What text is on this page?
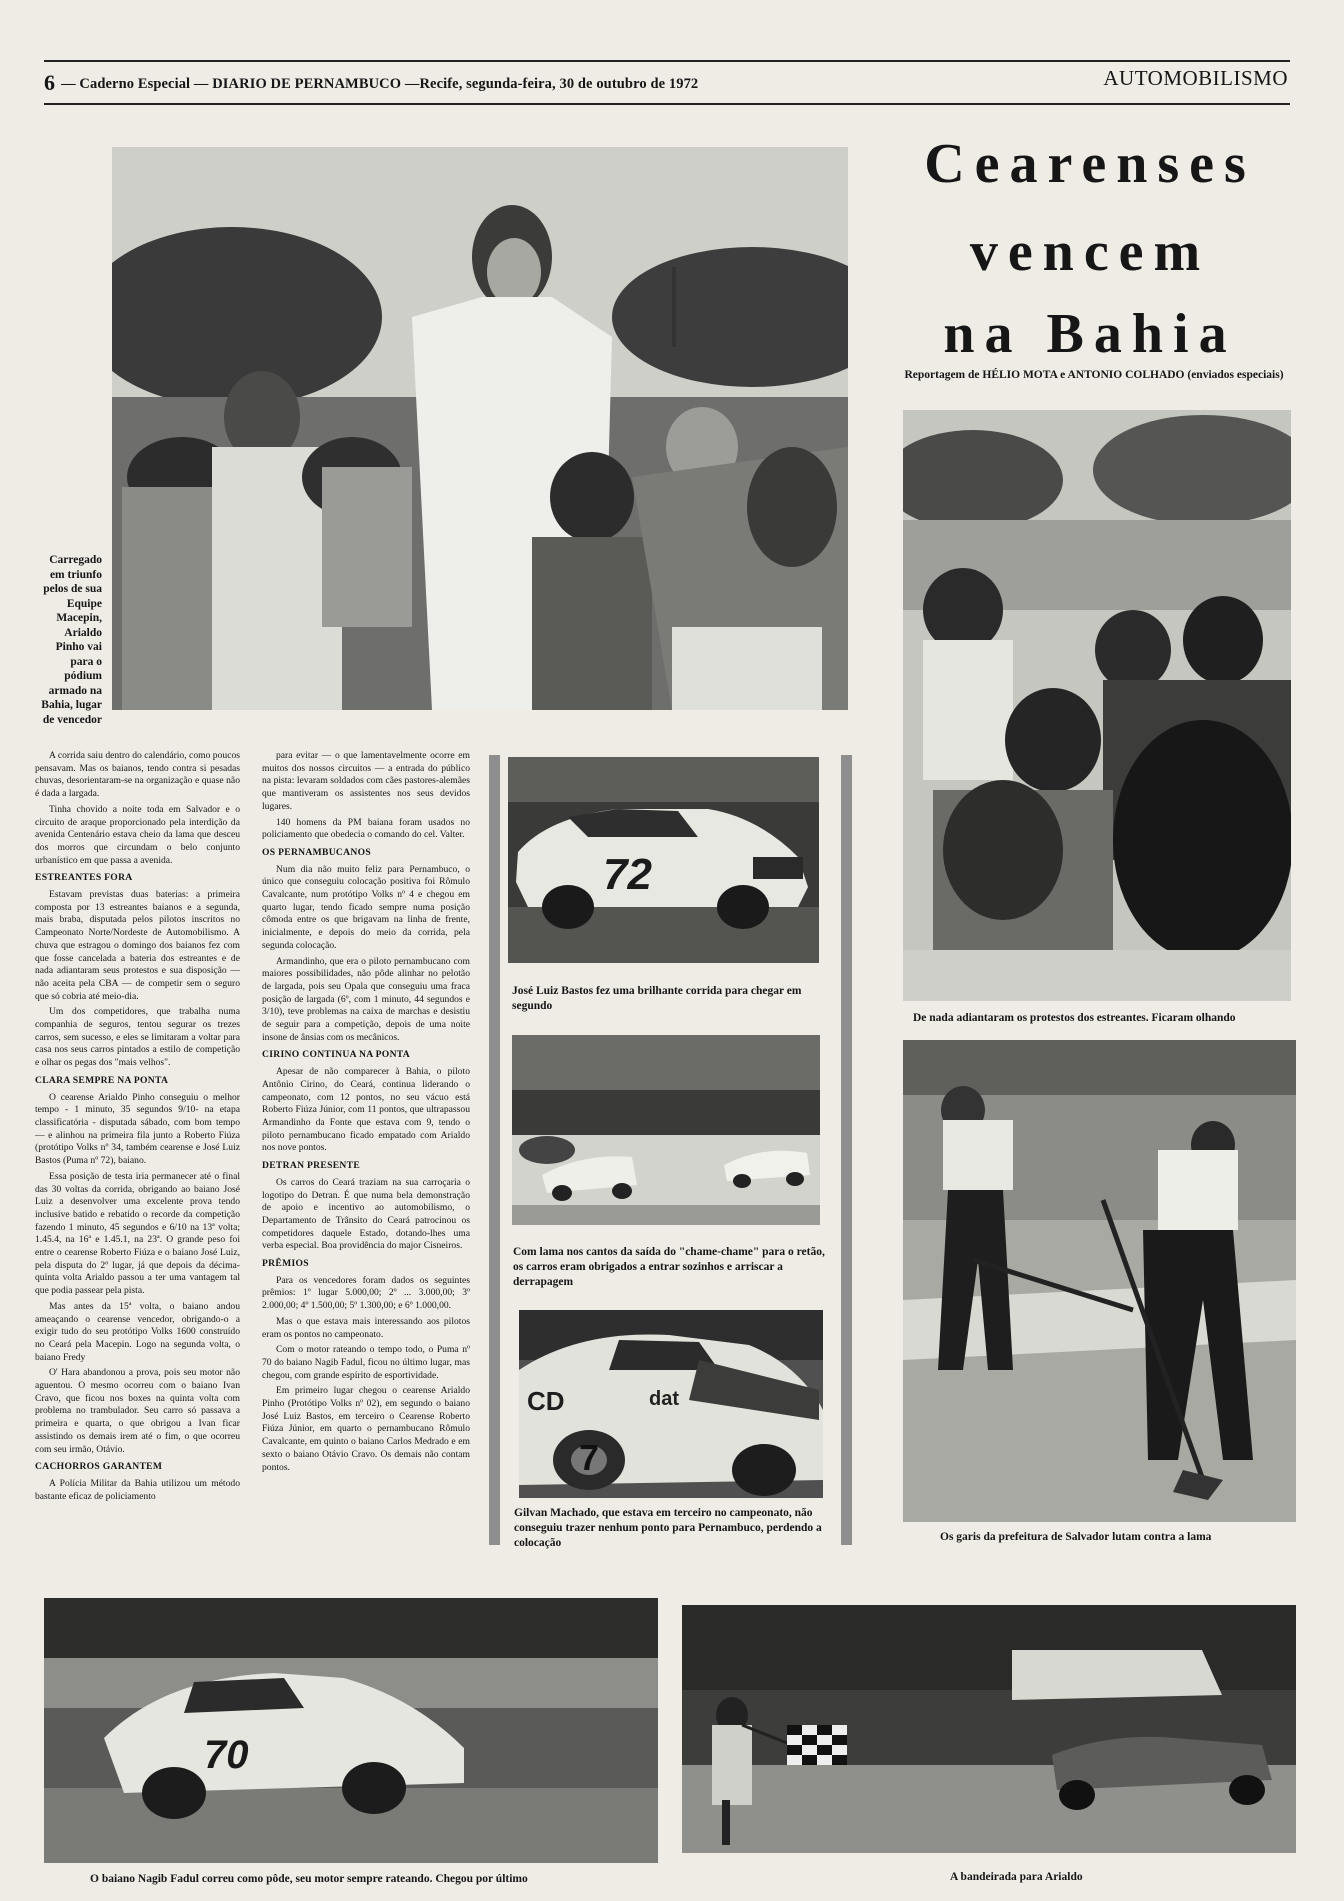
6 — Caderno Especial — DIARIO DE PERNAMBUCO —Recife, segunda-feira, 30 de outubro de 1972	AUTOMOBILISMO
Cearenses
vencem
na Bahia
Reportagem de HÉLIO MOTA e ANTONIO COLHADO (enviados especiais)
Carregado em triunfo pelos de sua Equipe Macepin, Arialdo Pinho vai para o pódium armado na Bahia, lugar de vencedor
De nada adiantaram os protestos dos estreantes. Ficaram olhando

A corrida saiu dentro do calendário, como poucos pensavam. Mas os baianos, tendo contra si pesadas chuvas, desorientaram-se na organização e quase não é dada a largada.

Tinha chovido a noite toda em Salvador e o circuito de araque proporcionado pela interdição da avenida Centenário estava cheio da lama que desceu dos morros que circundam o belo conjunto urbanístico em que passa a avenida.

ESTREANTES FORA

Estavam previstas duas baterias: a primeira composta por 13 estreantes baianos e a segunda, mais braba, disputada pelos pilotos inscritos no Campeonato Norte/Nordeste de Automobilismo. A chuva que estragou o domingo dos baianos fez com que fosse cancelada a bateria dos estreantes e de nada adiantaram seus protestos e sua disposição — não aceita pela CBA — de competir sem o seguro que só cobria até meio-dia.

Um dos competidores, que trabalha numa companhia de seguros, tentou segurar os trezes carros, sem sucesso, e eles se limitaram a voltar para casa nos seus carros pintados a estilo de competição e olhar os pegas dos "mais velhos".

CLARA SEMPRE NA PONTA

O cearense Arialdo Pinho conseguiu o melhor tempo - 1 minuto, 35 segundos 9/10- na etapa classificatória - disputada sábado, com bom tempo — e alinhou na primeira fila junto a Roberto Fiúza (protótipo Volks nº 34, também cearense e José Luiz Bastos (Puma nº 72), baiano.

Essa posição de testa iria permanecer até o final das 30 voltas da corrida, obrigando ao baiano José Luiz a desenvolver uma excelente prova tendo inclusive batido e rebatido o recorde da competição fazendo 1 minuto, 45 segundos e 6/10 na 13ª volta; 1.45.4, na 16ª e 1.45.1, na 23ª. O grande peso foi entre o cearense Roberto Fiúza e o baiano José Luiz, pela disputa do 2º lugar, já que depois da décima-quinta volta Arialdo passou a ter uma vantagem tal que podia passear pela pista.

Mas antes da 15ª volta, o baiano andou ameaçando o cearense vencedor, obrigando-o a exigir tudo do seu protótipo Volks 1600 construído no Ceará pela Macepin. Logo na segunda volta, o baiano Fredy

O' Hara abandonou a prova, pois seu motor não aguentou. O mesmo ocorreu com o baiano Ivan Cravo, que ficou nos boxes na quinta volta com problema no trambulador. Seu carro só passava a primeira e quarta, o que obrigou a Ivan ficar assistindo os demais irem até o fim, o que ocorreu com seu irmão, Otávio.

CACHORROS GARANTEM

A Polícia Militar da Bahia utilizou um método bastante eficaz de policiamento

para evitar — o que lamentavelmente ocorre em muitos dos nossos circuitos — a entrada do público na pista: levaram soldados com cães pastores-alemães que mantiveram os assistentes nos seus devidos lugares.

140 homens da PM baiana foram usados no policiamento que obedecia o comando do cel. Valter.

OS PERNAMBUCANOS

Num dia não muito feliz para Pernambuco, o único que conseguiu colocação positiva foi Rômulo Cavalcante, num protótipo Volks nº 4 e chegou em quarto lugar, tendo ficado sempre numa posição cômoda entre os que brigavam na linha de frente, inicialmente, e depois do meio da corrida, pela segunda colocação.

Armandinho, que era o piloto pernambucano com maiores possibilidades, não pôde alinhar no pelotão de largada, pois seu Opala que conseguiu uma fraca posição de largada (6º, com 1 minuto, 44 segundos e 3/10), teve problemas na caixa de marchas e desistiu de seguir para a competição, depois de uma noite insone de ânsias com os mecânicos.

CIRINO CONTINUA NA PONTA

Apesar de não comparecer à Bahia, o piloto Antônio Cirino, do Ceará, continua liderando o campeonato, com 12 pontos, no seu vácuo está Roberto Fiúza Júnior, com 11 pontos, que ultrapassou Armandinho da Fonte que estava com 9, tendo o piloto pernambucano ficado empatado com Arialdo nos nove pontos.

DETRAN PRESENTE

Os carros do Ceará traziam na sua carroçaria o logotipo do Detran. É que numa bela demonstração de apoio e incentivo ao automobilismo, o Departamento de Trânsito do Ceará patrocinou os competidores daquele Estado, dotando-lhes uma verba especial. Boa providência do major Cisneiros.

PRÊMIOS

Para os vencedores foram dados os seguintes prêmios: 1º lugar 5.000,00; 2º ... 3.000,00; 3º 2.000,00; 4º 1.500,00; 5º 1.300,00; e 6º 1.000,00.

Mas o que estava mais interessando aos pilotos eram os pontos no campeonato.

Com o motor rateando o tempo todo, o Puma nº 70 do baiano Nagib Fadul, ficou no último lugar, mas chegou, com grande espírito de esportividade.

Em primeiro lugar chegou o cearense Arialdo Pinho (Protótipo Volks nº 02), em segundo o baiano José Luiz Bastos, em terceiro o Cearense Roberto Fiúza Júnior, em quarto o pernambucano Rômulo Cavalcante, em quinto o baiano Carlos Medrado e em sexto o baiano Otávio Cravo. Os demais não contam pontos.

72
José Luiz Bastos fez uma brilhante corrida para chegar em segundo
Com lama nos cantos da saída do "chame-chame" para o retão, os carros eram obrigados a entrar sozinhos e arriscar a derrapagem
CD
7
dat
Gilvan Machado, que estava em terceiro no campeonato, não conseguiu trazer nenhum ponto para Pernambuco, perdendo a colocação	Os garis da prefeitura de Salvador lutam contra a lama
70
O baiano Nagib Fadul correu como pôde, seu motor sempre rateando. Chegou por último	A bandeirada para Arialdo
